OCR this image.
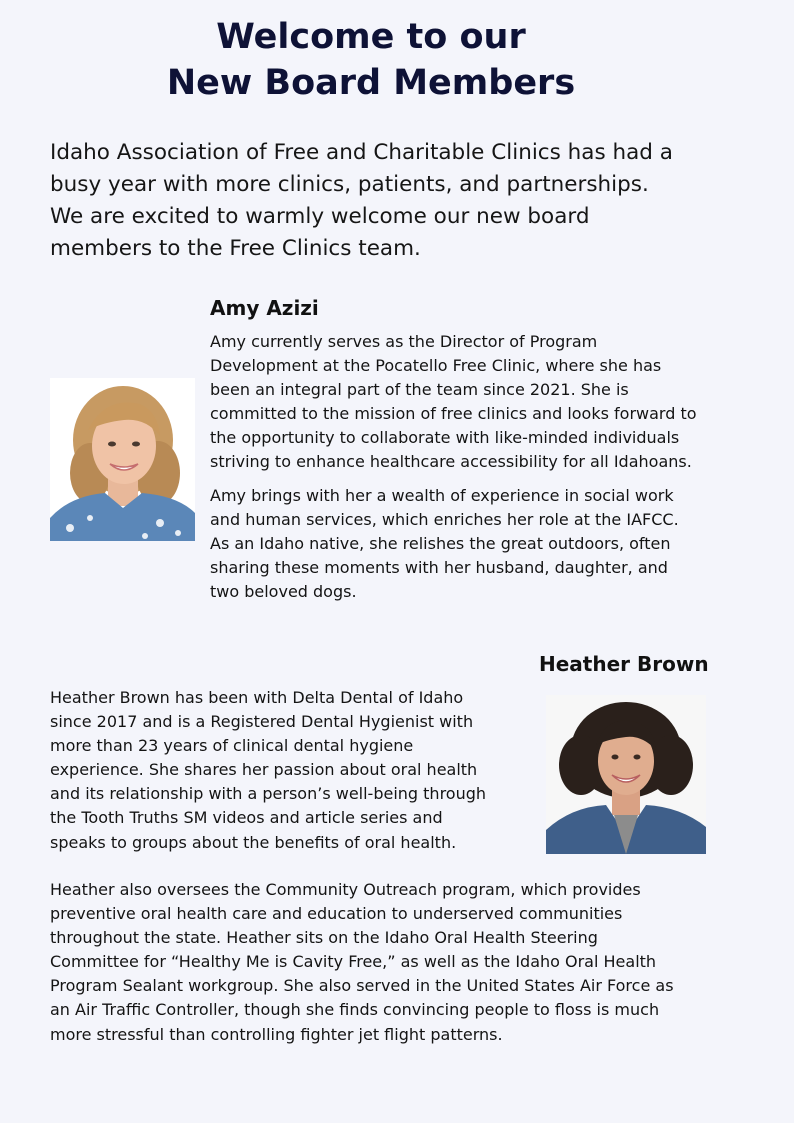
Welcome to our
New Board Members

Idaho Association of Free and Charitable Clinics has had a
busy year with more clinics, patients, and partnerships.
We are excited to warmly welcome our new board
members to the Free Clinics team.

Amy Azizi

Amy currently serves as the Director of Program
Development at the Pocatello Free Clinic, where she has
been an integral part of the team since 2021. She is
committed to the mission of free clinics and looks forward to
the opportunity to collaborate with like-minded individuals
striving to enhance healthcare accessibility for all Idahoans.

Amy brings with her a wealth of experience in social work
and human services, which enriches her role at the IAFCC.
As an Idaho native, she relishes the great outdoors, often
sharing these moments with her husband, daughter, and
two beloved dogs.

Heather Brown

Heather Brown has been with Delta Dental of Idaho
since 2017 and is a Registered Dental Hygienist with
more than 23 years of clinical dental hygiene
experience. She shares her passion about oral health
and its relationship with a person’s well-being through
the Tooth Truths SM videos and article series and
speaks to groups about the benefits of oral health.

Heather also oversees the Community Outreach program, which provides
preventive oral health care and education to underserved communities
throughout the state. Heather sits on the Idaho Oral Health Steering
Committee for “Healthy Me is Cavity Free,” as well as the Idaho Oral Health
Program Sealant workgroup. She also served in the United States Air Force as
an Air Traffic Controller, though she finds convincing people to floss is much
more stressful than controlling fighter jet flight patterns.
